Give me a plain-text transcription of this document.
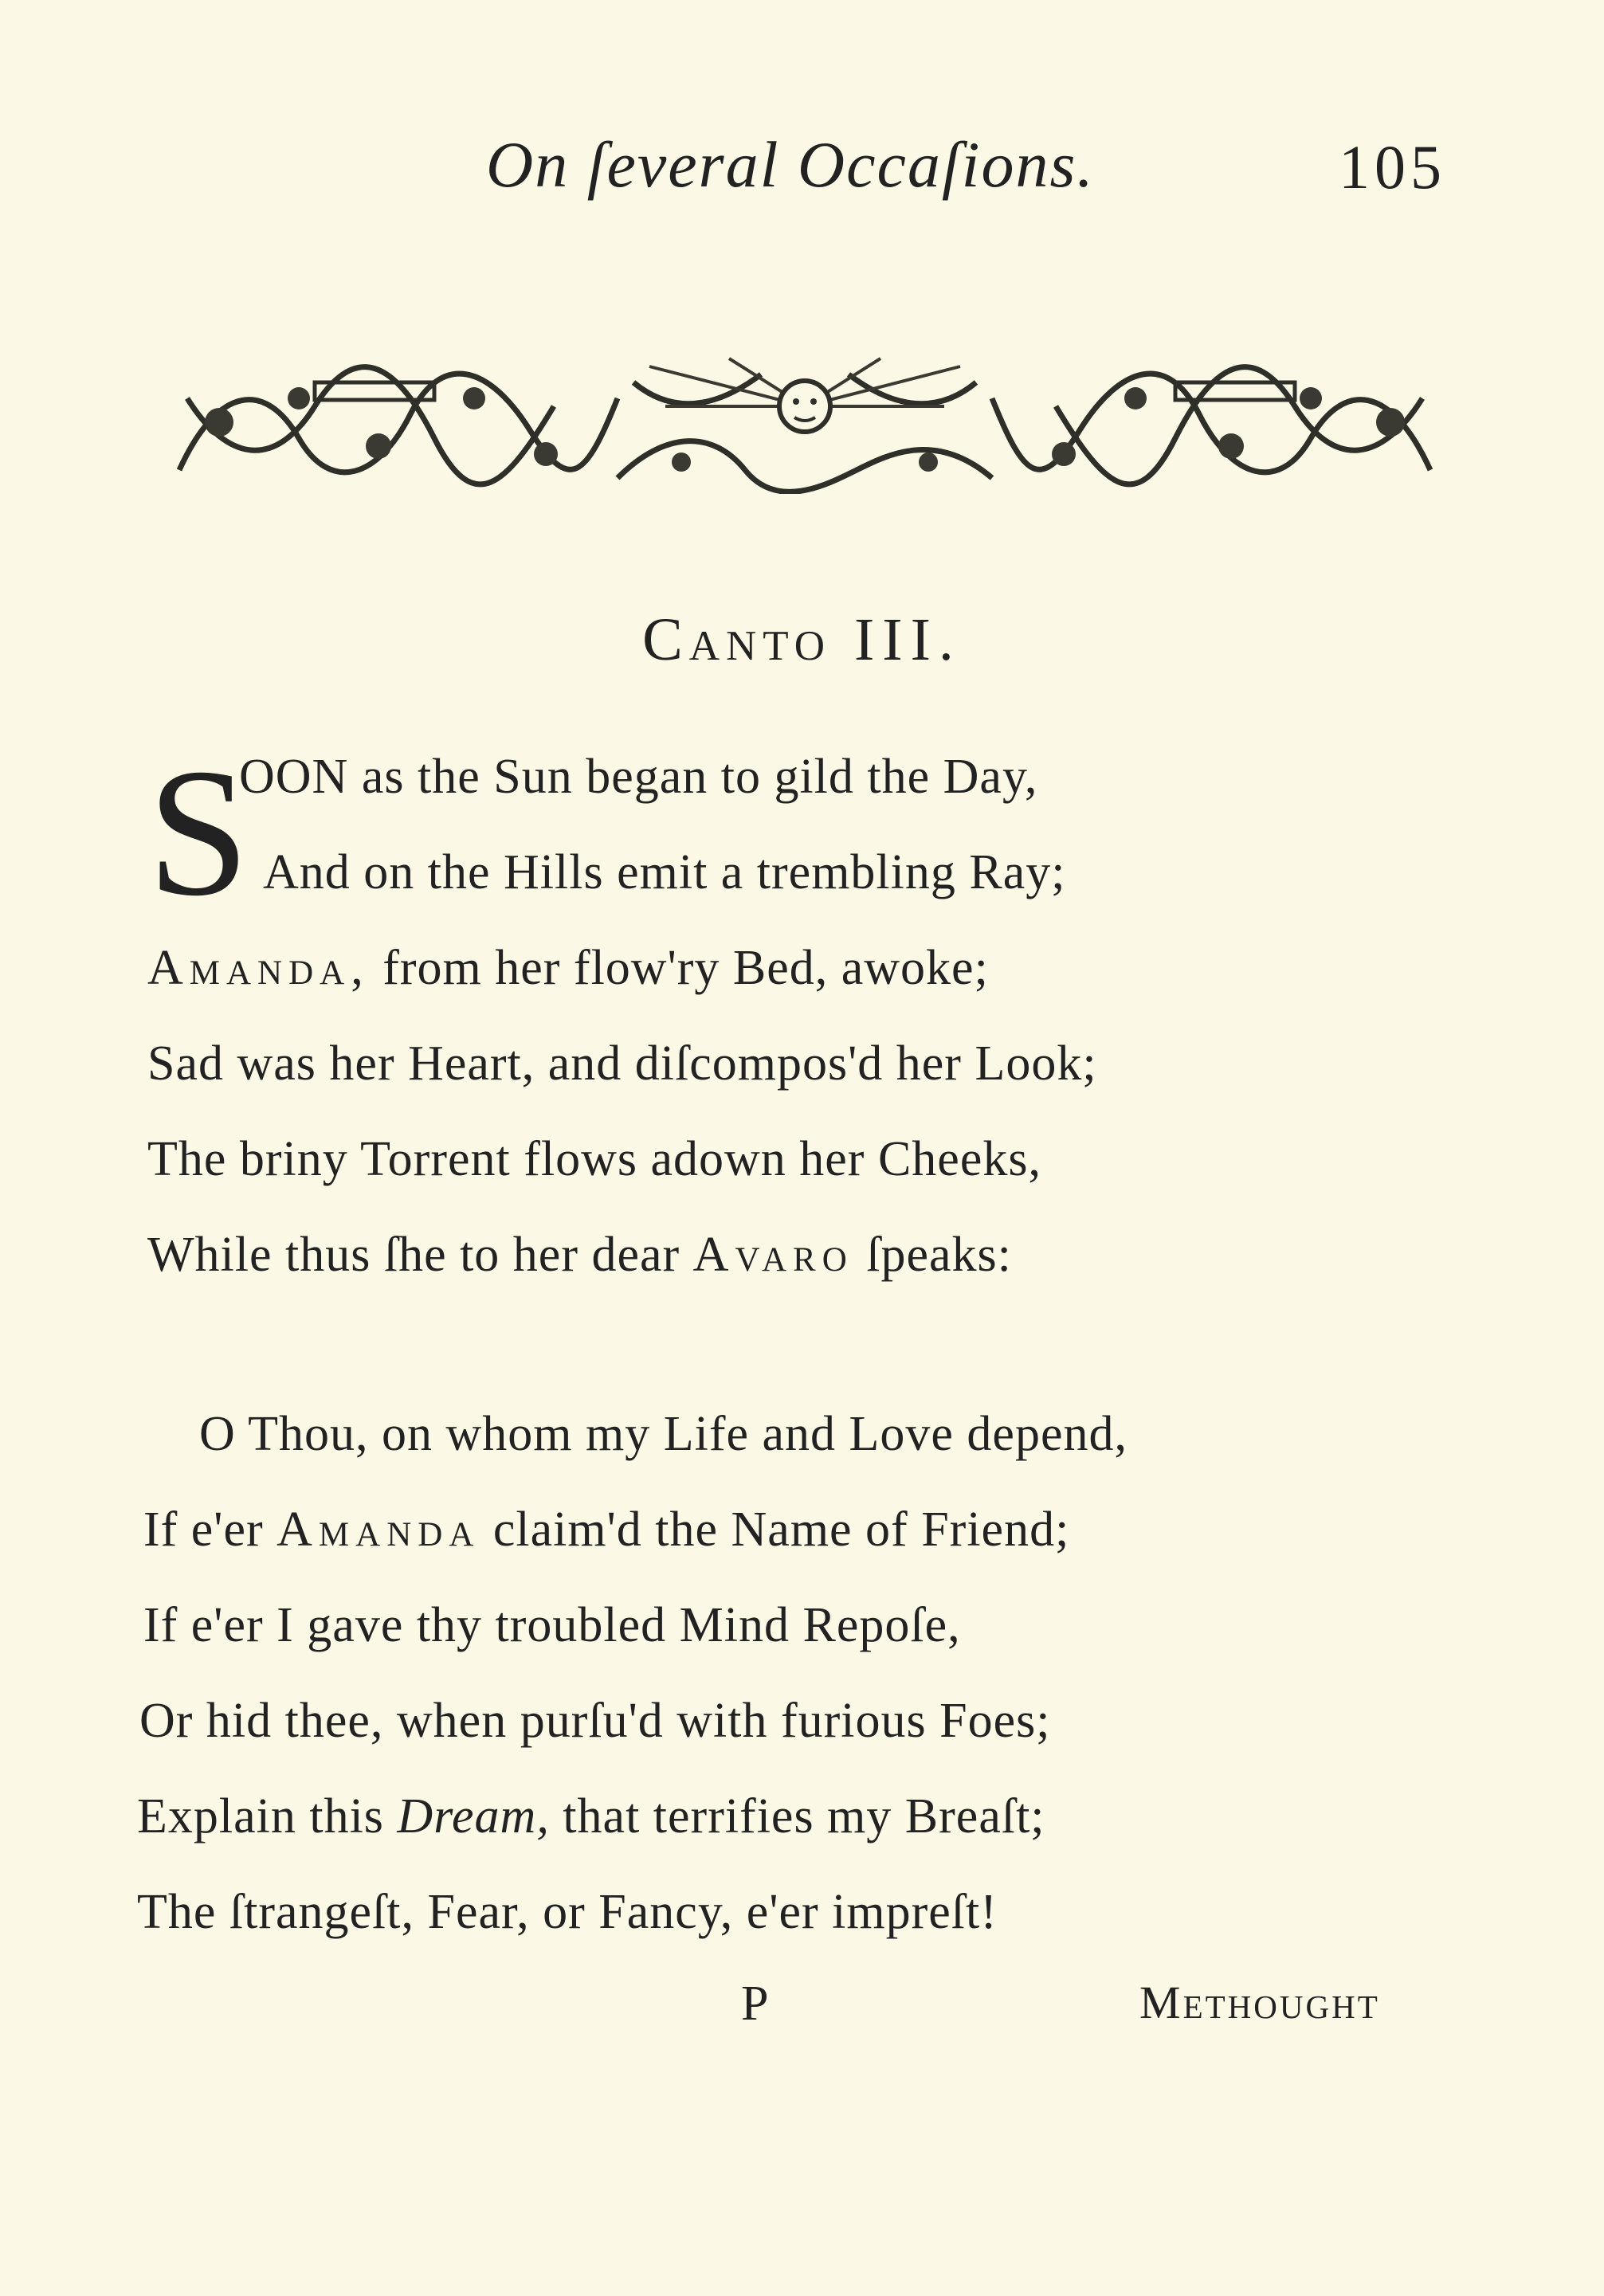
On ſeveral Occaſions.	105
Canto III.
S
OON as the Sun began to gild the Day,
And on the Hills emit a trembling Ray;
Amanda, from her flow'ry Bed, awoke;
Sad was her Heart, and diſcompos'd her Look;
The briny Torrent flows adown her Cheeks,
While thus ſhe to her dear Avaro ſpeaks:
O Thou, on whom my Life and Love depend,
If e'er Amanda claim'd the Name of Friend;
If e'er I gave thy troubled Mind Repoſe,
Or hid thee, when purſu'd with furious Foes;
Explain this Dream, that terrifies my Breaſt;
The ſtrangeſt, Fear, or Fancy, e'er impreſt!
P	Methought
